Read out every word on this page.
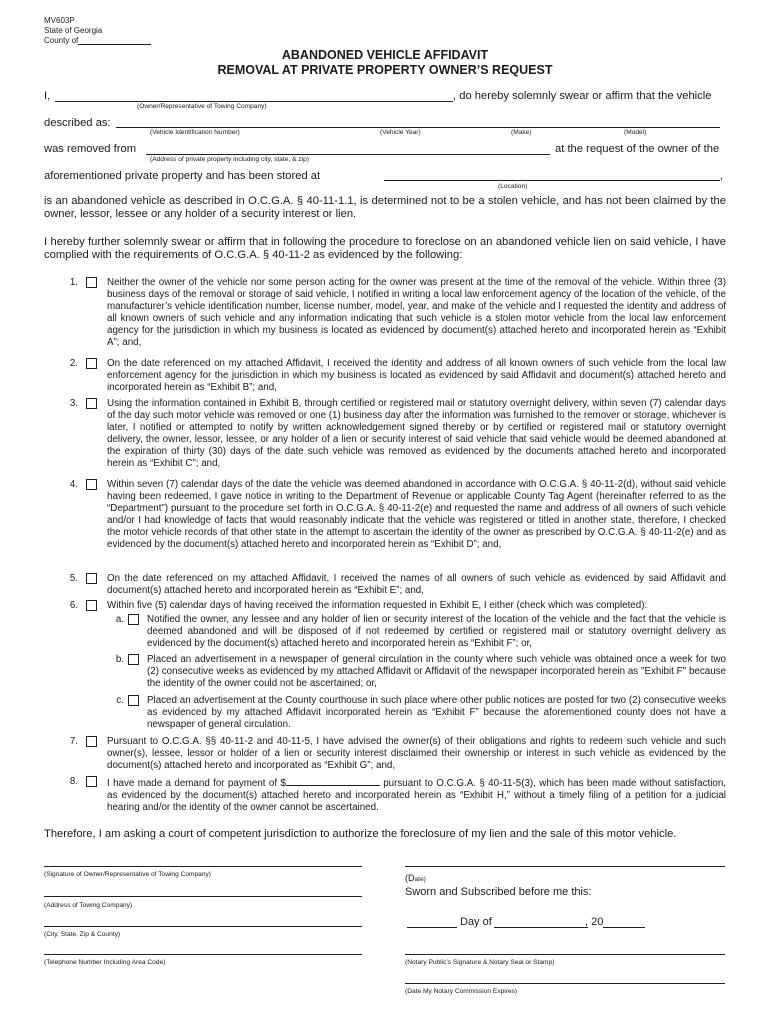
MV603P
State of Georgia
County of
ABANDONED VEHICLE AFFIDAVIT
REMOVAL AT PRIVATE PROPERTY OWNER’S REQUEST
I,	, do hereby solemnly swear or affirm that the vehicle
(Owner/Representative of Towing Company)
described as:
(Vehicle Identification Number)	(Vehicle Year)	(Make)	(Model)
was removed from	at the request of the owner of the
(Address of private property including city, state, & zip)
aforementioned private property and has been stored at	,
(Location)
is an abandoned vehicle as described in O.C.G.A. § 40-11-1.1, is determined not to be a stolen vehicle, and has not been claimed by the owner, lessor, lessee or any holder of a security interest or lien.
I hereby further solemnly swear or affirm that in following the procedure to foreclose on an abandoned vehicle lien on said vehicle, I have complied with the requirements of O.C.G.A. § 40-11-2 as evidenced by the following:
1.	Neither the owner of the vehicle nor some person acting for the owner was present at the time of the removal of the vehicle. Within three (3) business days of the removal or storage of said vehicle, I notified in writing a local law enforcement agency of the location of the vehicle, of the manufacturer’s vehicle identification number, license number, model, year, and make of the vehicle and I requested the identity and address of all known owners of such vehicle and any information indicating that such vehicle is a stolen motor vehicle from the local law enforcement agency for the jurisdiction in which my business is located as evidenced by document(s) attached hereto and incorporated herein as “Exhibit A”; and,
2.	On the date referenced on my attached Affidavit, I received the identity and address of all known owners of such vehicle from the local law enforcement agency for the jurisdiction in which my business is located as evidenced by said Affidavit and document(s) attached hereto and incorporated herein as “Exhibit B”; and,
3.	Using the information contained in Exhibit B, through certified or registered mail or statutory overnight delivery, within seven (7) calendar days of the day such motor vehicle was removed or one (1) business day after the information was furnished to the remover or storage, whichever is later, I notified or attempted to notify by written acknowledgement signed thereby or by certified or registered mail or statutory overnight delivery, the owner, lessor, lessee, or any holder of a lien or security interest of said vehicle that said vehicle would be deemed abandoned at the expiration of thirty (30) days of the date such vehicle was removed as evidenced by the documents attached hereto and incorporated herein as “Exhibit C”; and,
4.	Within seven (7) calendar days of the date the vehicle was deemed abandoned in accordance with O.C.G.A. § 40-11-2(d), without said vehicle having been redeemed, I gave notice in writing to the Department of Revenue or applicable County Tag Agent (hereinafter referred to as the “Department”) pursuant to the procedure set forth in O.C.G.A. § 40-11-2(e) and requested the name and address of all owners of such vehicle and/or I had knowledge of facts that would reasonably indicate that the vehicle was registered or titled in another state, therefore, I checked the motor vehicle records of that other state in the attempt to ascertain the identity of the owner as prescribed by O.C.G.A. § 40-11-2(e) and as evidenced by the document(s) attached hereto and incorporated herein as “Exhibit D”; and,
5.	On the date referenced on my attached Affidavit, I received the names of all owners of such vehicle as evidenced by said Affidavit and document(s) attached hereto and incorporated herein as “Exhibit E”; and,
6.	Within five (5) calendar days of having received the information requested in Exhibit E, I either (check which was completed):
a. Notified the owner, any lessee and any holder of lien or security interest of the location of the vehicle and the fact that the vehicle is deemed abandoned and will be disposed of if not redeemed by certified or registered mail or statutory overnight delivery as evidenced by the document(s) attached hereto and incorporated herein as “Exhibit F”; or,
b. Placed an advertisement in a newspaper of general circulation in the county where such vehicle was obtained once a week for two (2) consecutive weeks as evidenced by my attached Affidavit or Affidavit of the newspaper incorporated herein as "Exhibit F" because the identity of the owner could not be ascertained; or,
c. Placed an advertisement at the County courthouse in such place where other public notices are posted for two (2) consecutive weeks as evidenced by my attached Affidavit incorporated herein as “Exhibit F” because the aforementioned county does not have a newspaper of general circulation.
7.	Pursuant to O.C.G.A. §§ 40-11-2 and 40-11-5, I have advised the owner(s) of their obligations and rights to redeem such vehicle and such owner(s), lessee, lessor or holder of a lien or security interest disclaimed their ownership or interest in such vehicle as evidenced by the document(s) attached hereto and incorporated as “Exhibit G”; and,
8.	I have made a demand for payment of $	pursuant to O.C.G.A. § 40-11-5(3), which has been made without satisfaction, as evidenced by the document(s) attached hereto and incorporated herein as “Exhibit H,” without a timely filing of a petition for a judicial hearing and/or the identity of the owner cannot be ascertained.
Therefore, I am asking a court of competent jurisdiction to authorize the foreclosure of my lien and the sale of this motor vehicle.
(Signature of Owner/Representative of Towing Company)
(Address of Towing Company)
(City, State, Zip & County)
(Telephone Number Including Area Code)
(Date)
Sworn and Subscribed before me this:
Day of	, 20
(Notary Public’s Signature & Notary Seal or Stamp)
(Date My Notary Commission Expires)
